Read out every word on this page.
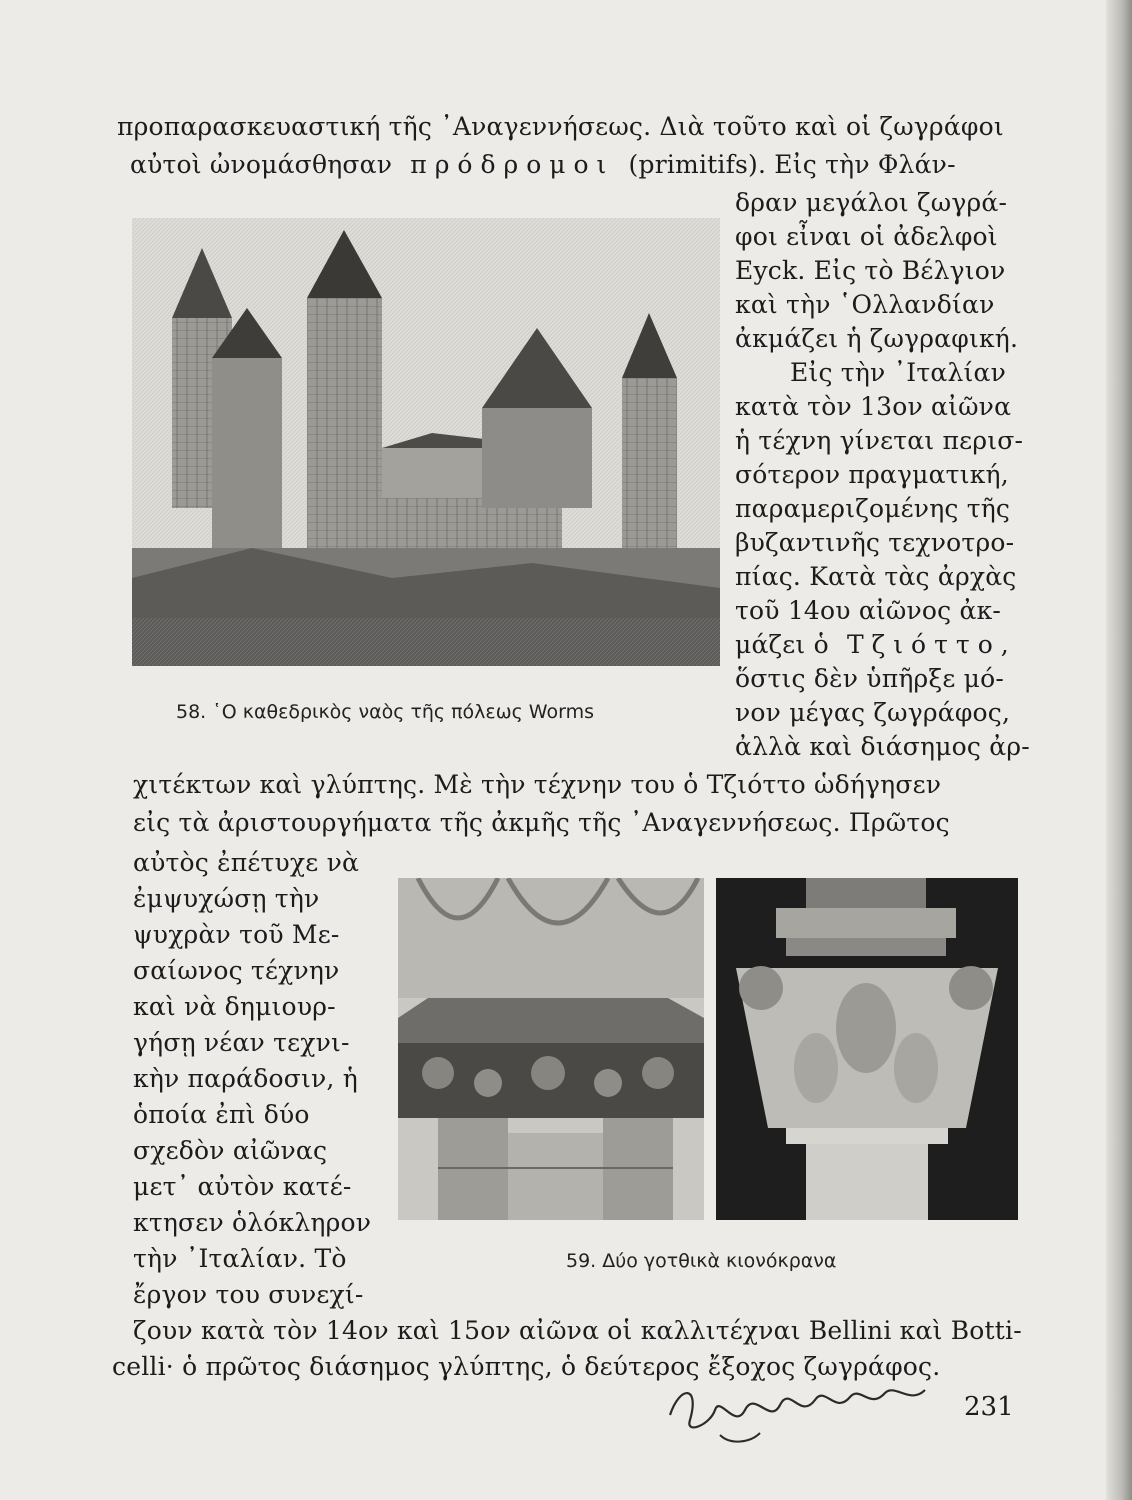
προπαρασκευαστική τῆς ᾿Αναγεννήσεως. Διὰ τοῦτο καὶ οἱ ζωγράφοι
αὐτοὶ ὠνομάσθησαν πρόδρομοι (primitifs). Εἰς τὴν Φλάν-
58. ῾Ο καθεδρικὸς ναὸς τῆς πόλεως Worms
δραν μεγάλοι ζωγρά-
φοι εἶναι οἱ ἀδελφοὶ
Eyck. Εἰς τὸ Βέλγιον
καὶ τὴν ῾Ολλανδίαν
ἀκμάζει ἡ ζωγραφική.
Εἰς τὴν ᾿Ιταλίαν
κατὰ τὸν 13ον αἰῶνα
ἡ τέχνη γίνεται περισ-
σότερον πραγματική,
παραμεριζομένης τῆς
βυζαντινῆς τεχνοτρο-
πίας. Κατὰ τὰς ἀρχὰς
τοῦ 14ου αἰῶνος ἀκ-
μάζει ὁ Τζιόττο,
ὅστις δὲν ὑπῆρξε μό-
νον μέγας ζωγράφος,
ἀλλὰ καὶ διάσημος ἀρ-
χιτέκτων καὶ γλύπτης. Μὲ τὴν τέχνην του ὁ Τζιόττο ὡδήγησεν
εἰς τὰ ἀριστουργήματα τῆς ἀκμῆς τῆς ᾿Αναγεννήσεως. Πρῶτος
αὐτὸς ἐπέτυχε νὰ
ἐμψυχώσῃ τὴν
ψυχρὰν τοῦ Με-
σαίωνος τέχνην
καὶ νὰ δημιουρ-
γήσῃ νέαν τεχνι-
κὴν παράδοσιν, ἡ
ὁποία ἐπὶ δύο
σχεδὸν αἰῶνας
μετ᾿ αὐτὸν κατέ-
κτησεν ὁλόκληρον
τὴν ᾿Ιταλίαν. Τὸ
ἔργον του συνεχί-
59. Δύο γοτθικὰ κιονόκρανα
ζουν κατὰ τὸν 14ον καὶ 15ον αἰῶνα οἱ καλλιτέχναι Bellini καὶ Botti-
celli· ὁ πρῶτος διάσημος γλύπτης, ὁ δεύτερος ἔξοχος ζωγράφος.
231
